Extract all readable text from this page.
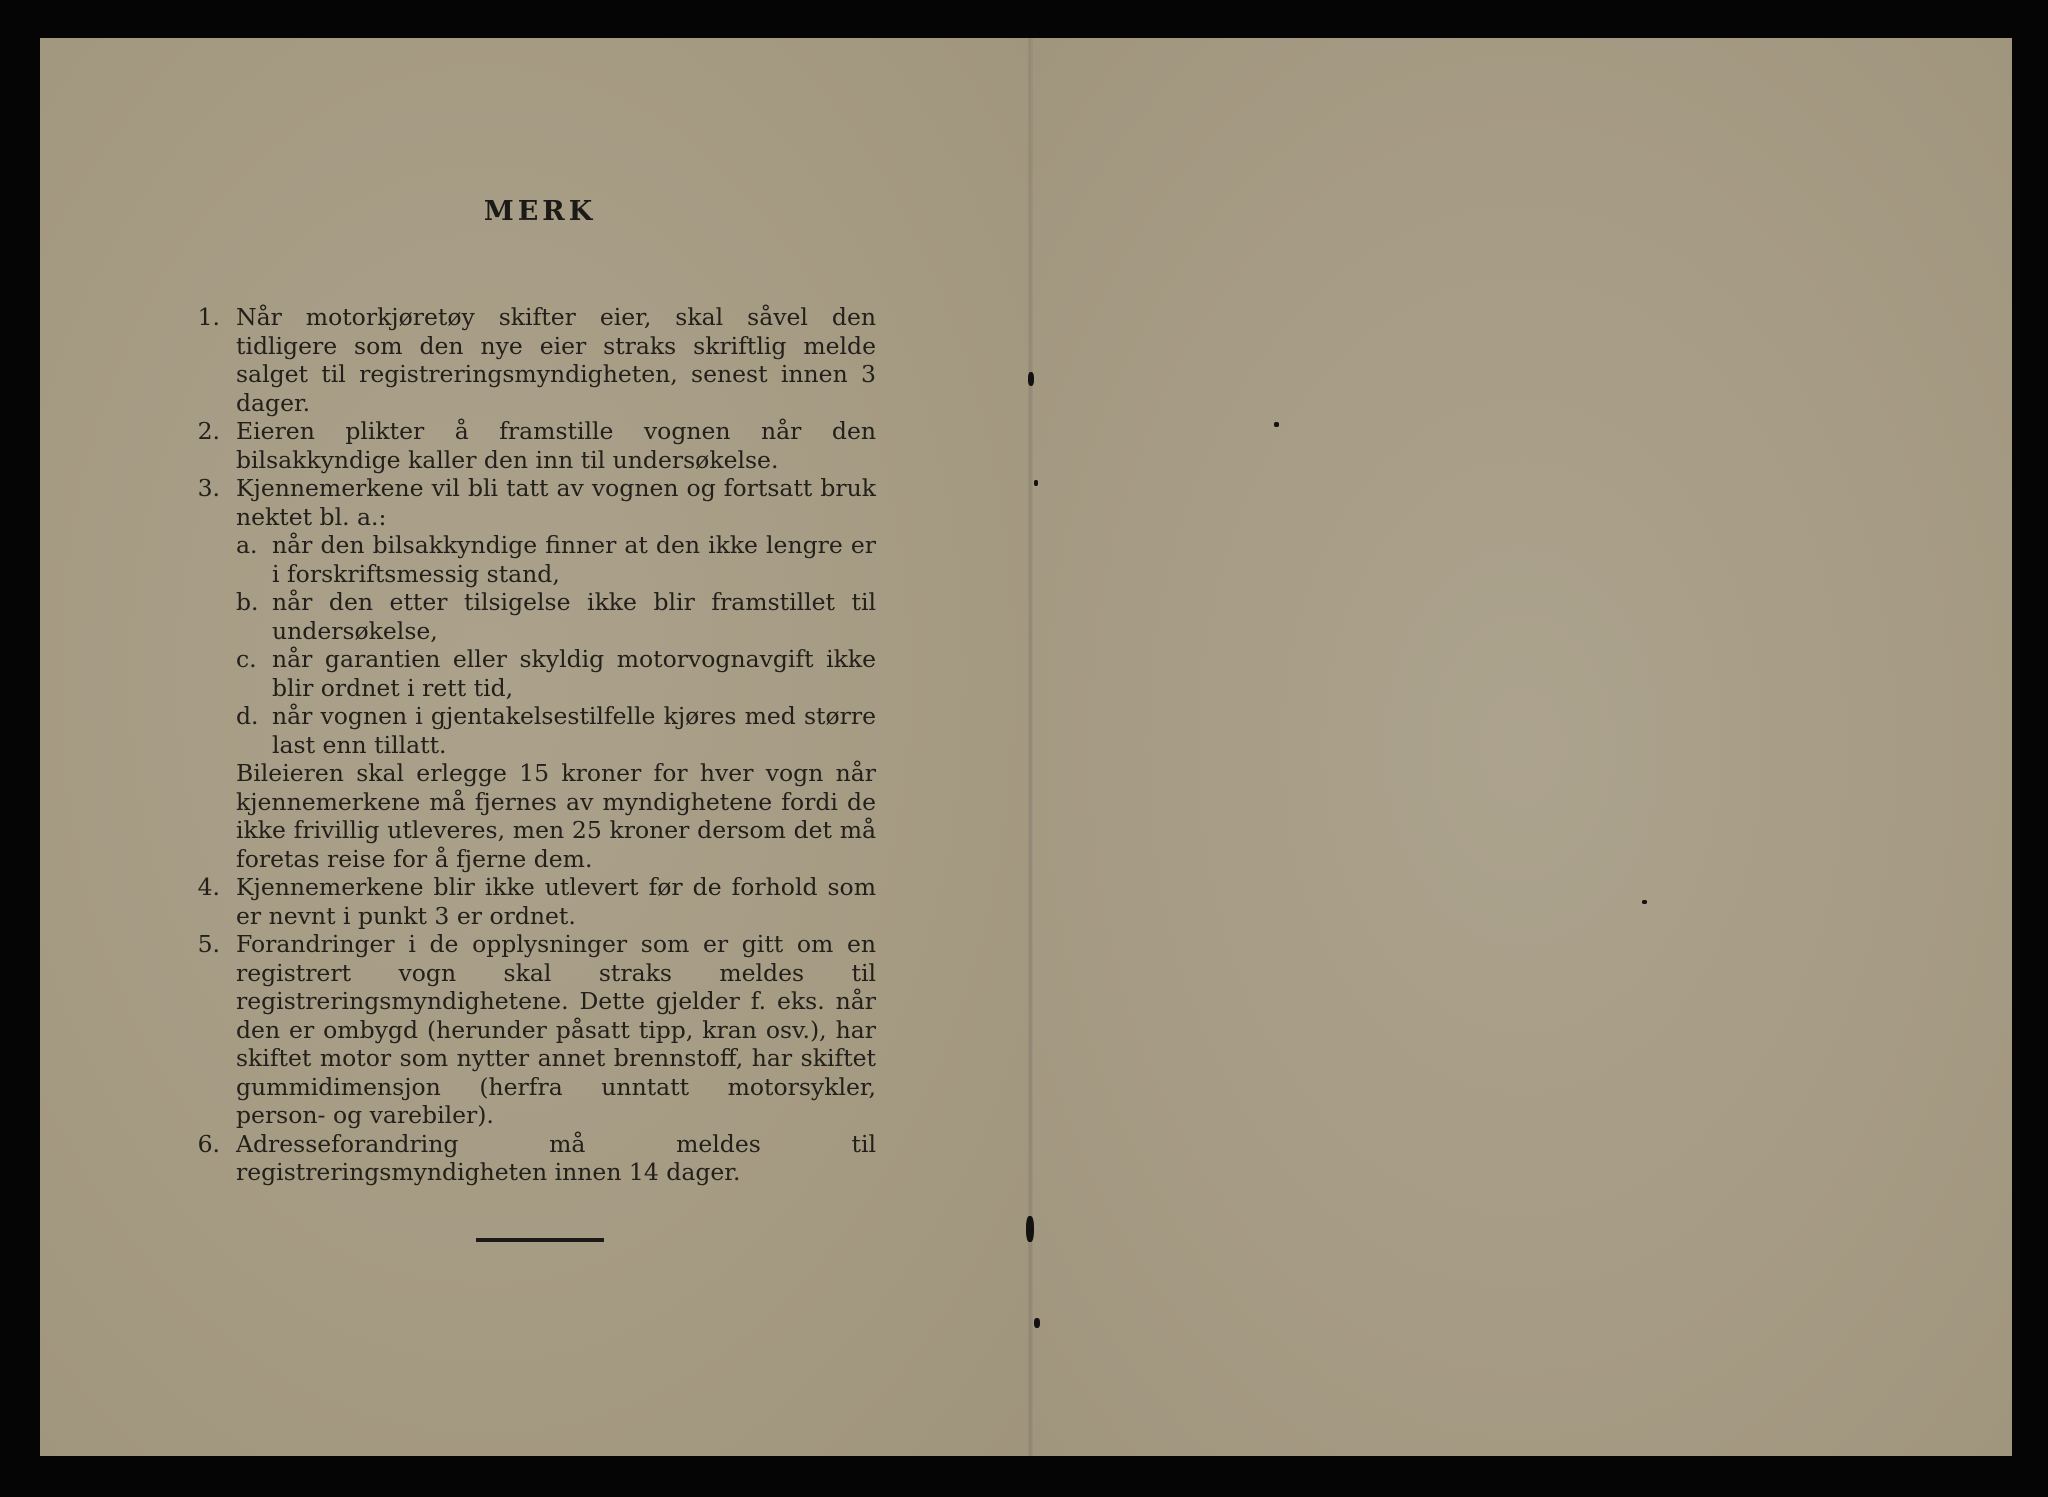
MERK
1. Når motorkjøretøy skifter eier, skal såvel den tidligere som den nye eier straks skriftlig melde salget til registreringsmyndigheten, senest innen 3 dager.
2. Eieren plikter å framstille vognen når den bilsakkyndige kaller den inn til undersøkelse.
3. Kjennemerkene vil bli tatt av vognen og fortsatt bruk nektet bl. a.:
a. når den bilsakkyndige finner at den ikke lengre er i forskriftsmessig stand,
b. når den etter tilsigelse ikke blir framstillet til undersøkelse,
c. når garantien eller skyldig motorvognavgift ikke blir ordnet i rett tid,
d. når vognen i gjentakelsestilfelle kjøres med større last enn tillatt.
Bileieren skal erlegge 15 kroner for hver vogn når kjennemerkene må fjernes av myndighetene fordi de ikke frivillig utleveres, men 25 kroner dersom det må foretas reise for å fjerne dem.
4. Kjennemerkene blir ikke utlevert før de forhold som er nevnt i punkt 3 er ordnet.
5. Forandringer i de opplysninger som er gitt om en registrert vogn skal straks meldes til registreringsmyndighetene. Dette gjelder f. eks. når den er ombygd (herunder påsatt tipp, kran osv.), har skiftet motor som nytter annet brennstoff, har skiftet gummidimensjon (herfra unntatt motorsykler, person- og varebiler).
6. Adresseforandring må meldes til registreringsmyndigheten innen 14 dager.
